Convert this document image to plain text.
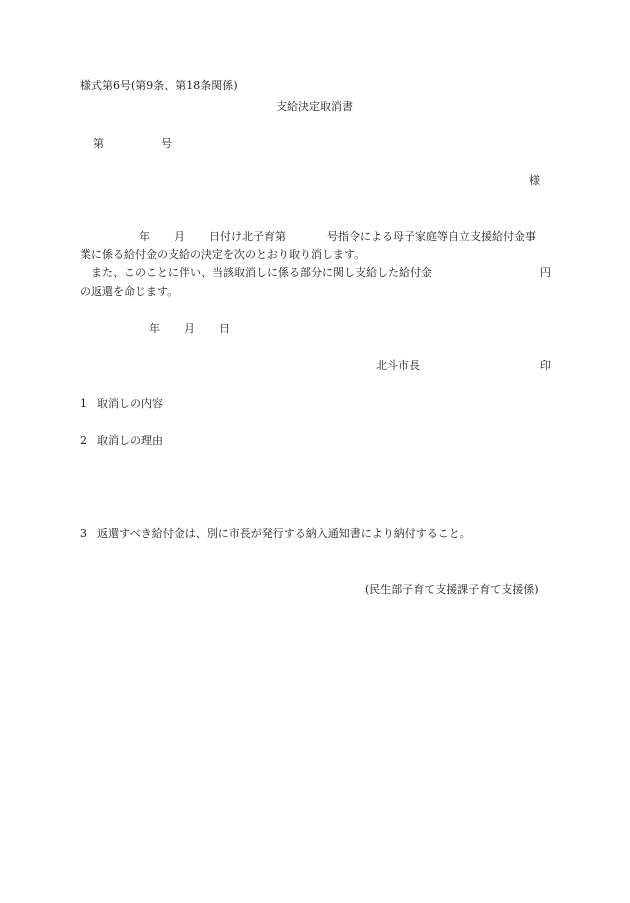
様式第6号(第9条、第18条関係)
支給決定取消書
第	号
様
年 月 日付け北子育第	号指令による母子家庭等自立支援給付金事
業に係る給付金の支給の決定を次のとおり取り消します。
また、このことに伴い、当該取消しに係る部分に関し支給した給付金	円
の返還を命じます。
年 月 日
北斗市長	印
1 取消しの内容
2 取消しの理由
3 返還すべき給付金は、別に市長が発行する納入通知書により納付すること。
(民生部子育て支援課子育て支援係)
